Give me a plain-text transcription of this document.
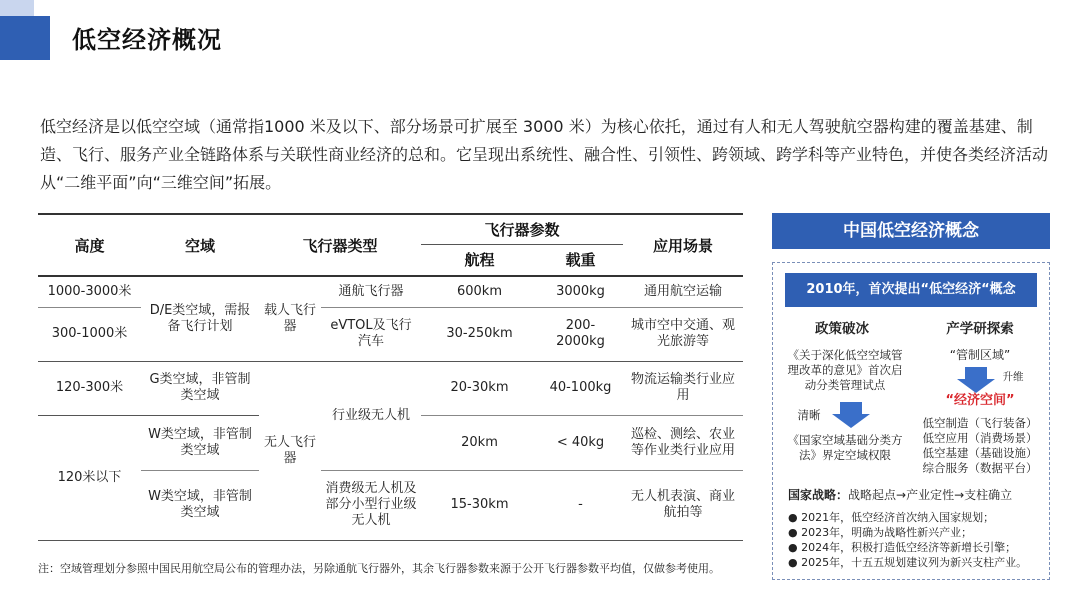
低空经济概况
低空经济是以低空空域（通常指1000 米及以下、部分场景可扩展至 3000 米）为核心依托，通过有人和无人驾驶航空器构建的覆盖基建、制造、飞行、服务产业全链路体系与关联性商业经济的总和。它呈现出系统性、融合性、引领性、跨领域、跨学科等产业特色，并使各类经济活动从“二维平面”向“三维空间”拓展。
高度	空域	飞行器类型		飞行器参数		应用场景
				航程	载重	
1000-3000米	D/E类空域，需报备飞行计划	载人飞行器	通航飞行器	600km	3000kg	通用航空运输
300-1000米			eVTOL及飞行汽车	30-250km	200-2000kg	城市空中交通、观光旅游等
120-300米	G类空域，非管制类空域	无人飞行器	行业级无人机	20-30km	40-100kg	物流运输类行业应用
120米以下	W类空域，非管制类空域			20km	< 40kg	巡检、测绘、农业等作业类行业应用
	W类空域，非管制类空域		消费级无人机及部分小型行业级无人机	15-30km	-	无人机表演、商业航拍等
注：空域管理划分参照中国民用航空局公布的管理办法，另除通航飞行器外，其余飞行器参数来源于公开飞行器参数平均值，仅做参考使用。
中国低空经济概念
2010年，首次提出“低空经济“概念
政策破冰
《关于深化低空空域管理改革的意见》首次启动分类管理试点
清晰
《国家空域基础分类方法》界定空域权限
产学研探索
“管制区域”
升维
“经济空间”
低空制造（飞行装备）
低空应用（消费场景）
低空基建（基础设施）
综合服务（数据平台）
国家战略：战略起点→产业定性→支柱确立
● 2021年，低空经济首次纳入国家规划；
● 2023年，明确为战略性新兴产业；
● 2024年，积极打造低空经济等新增长引擎；
● 2025年，十五五规划建议列为新兴支柱产业。
